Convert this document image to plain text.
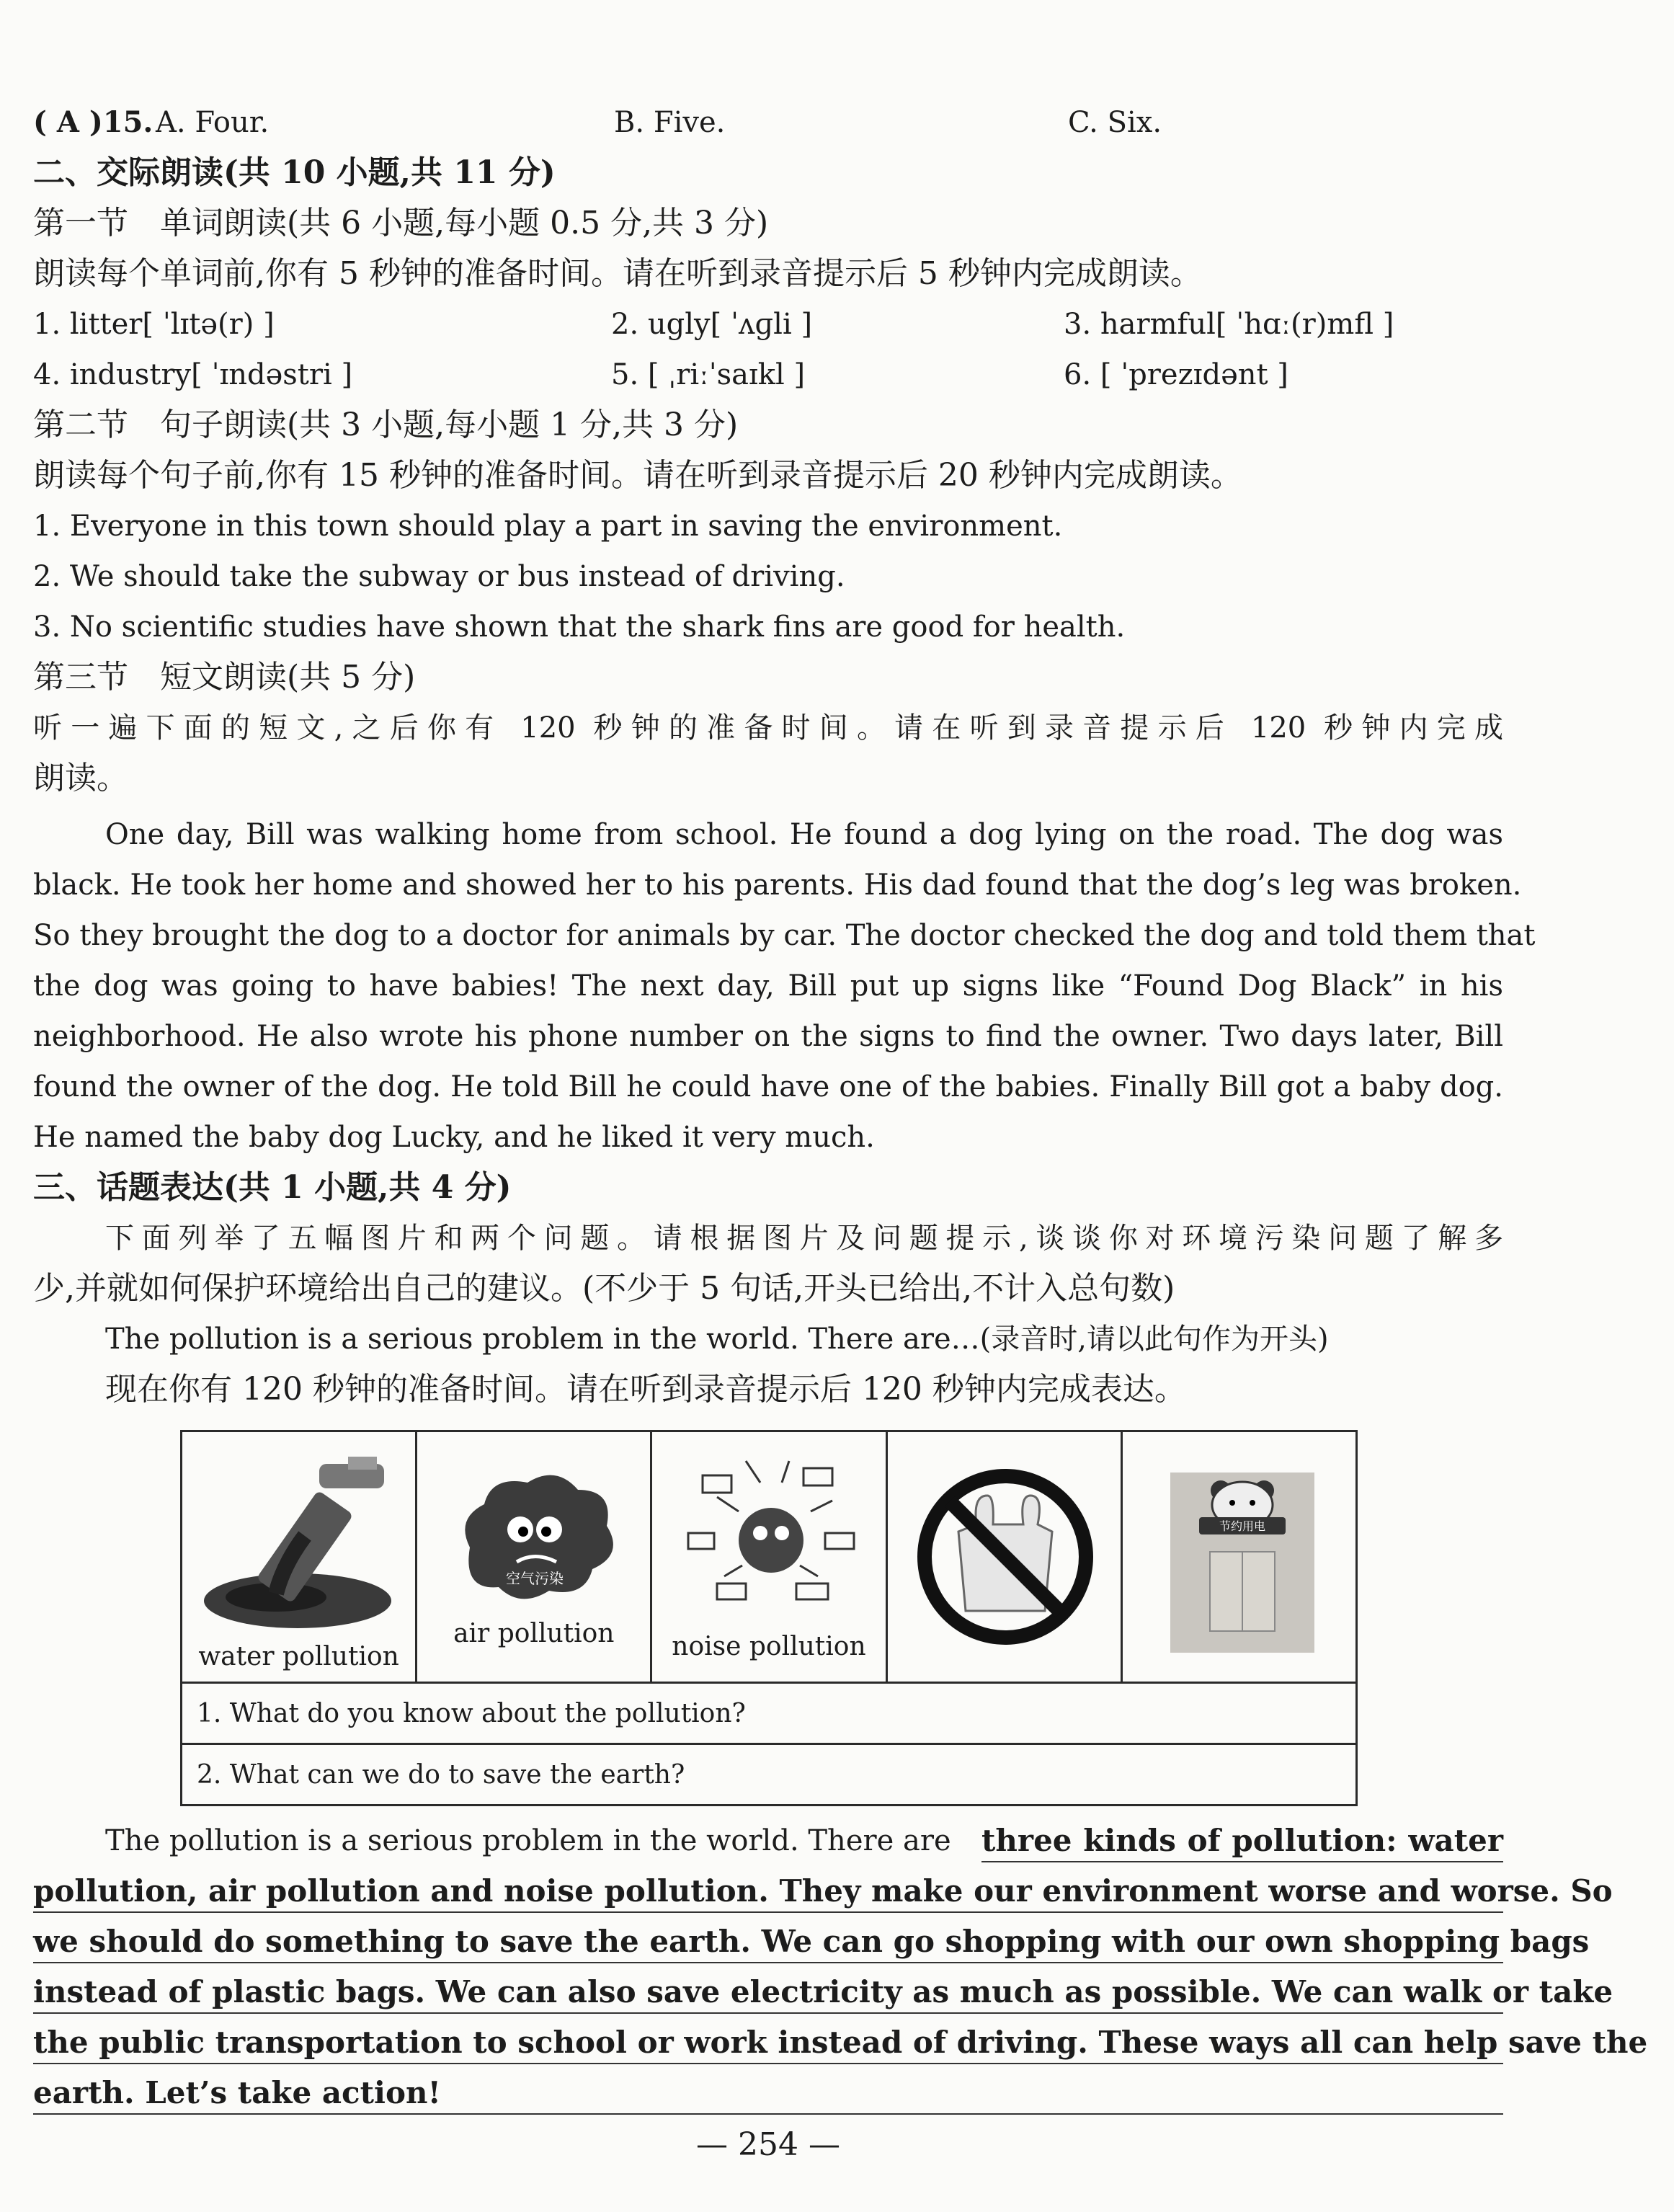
( A )15. A. Four.	B. Five.	C. Six.
二、交际朗读(共 10 小题,共 11 分)
第一节　单词朗读(共 6 小题,每小题 0.5 分,共 3 分)
朗读每个单词前,你有 5 秒钟的准备时间。请在听到录音提示后 5 秒钟内完成朗读。
1. litter[ ˈlɪtə(r) ]	2. ugly[ ˈʌɡli ]	3. harmful[ ˈhɑː(r)mfl ]
4. industry[ ˈɪndəstri ]	5. [ ˌriːˈsaɪkl ]	6. [ ˈprezɪdənt ]
第二节　句子朗读(共 3 小题,每小题 1 分,共 3 分)
朗读每个句子前,你有 15 秒钟的准备时间。请在听到录音提示后 20 秒钟内完成朗读。
1. Everyone in this town should play a part in saving the environment.
2. We should take the subway or bus instead of driving.
3. No scientific studies have shown that the shark fins are good for health.
第三节　短文朗读(共 5 分)
听一遍下面的短文,之后你有 120 秒钟的准备时间。请在听到录音提示后 120 秒钟内完成
朗读。
One day, Bill was walking home from school. He found a dog lying on the road. The dog was
black. He took her home and showed her to his parents. His dad found that the dog’s leg was broken.
So they brought the dog to a doctor for animals by car. The doctor checked the dog and told them that
the dog was going to have babies! The next day, Bill put up signs like “Found Dog Black” in his
neighborhood. He also wrote his phone number on the signs to find the owner. Two days later, Bill
found the owner of the dog. He told Bill he could have one of the babies. Finally Bill got a baby dog.
He named the baby dog Lucky, and he liked it very much.
三、话题表达(共 1 小题,共 4 分)
下面列举了五幅图片和两个问题。请根据图片及问题提示,谈谈你对环境污染问题了解多
少,并就如何保护环境给出自己的建议。(不少于 5 句话,开头已给出,不计入总句数)
The pollution is a serious problem in the world. There are…(录音时,请以此句作为开头)
现在你有 120 秒钟的准备时间。请在听到录音提示后 120 秒钟内完成表达。
water pollution

空气污染
air pollution	noise pollution

节约用电

1. What do you know about the pollution?
2. What can we do to save the earth?
The pollution is a serious problem in the world. There are three kinds of pollution: water
pollution, air pollution and noise pollution. They make our environment worse and worse. So
we should do something to save the earth. We can go shopping with our own shopping bags
instead of plastic bags. We can also save electricity as much as possible. We can walk or take
the public transportation to school or work instead of driving. These ways all can help save the
earth. Let’s take action!
— 254 —
